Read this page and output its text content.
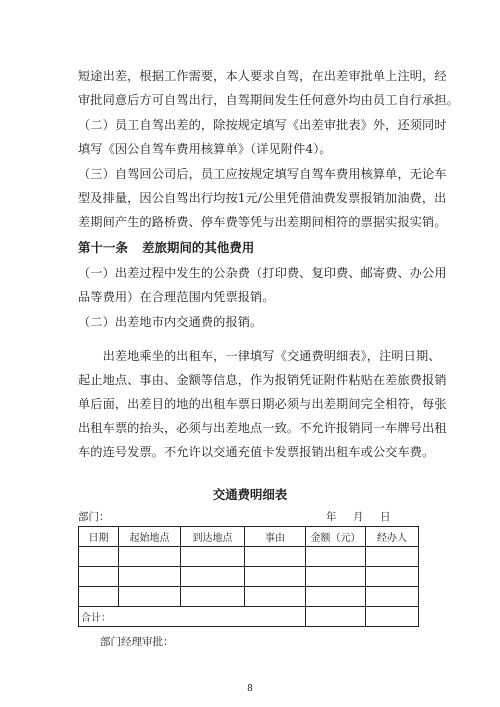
短途出差，根据工作需要，本人要求自驾，在出差审批单上注明，经
审批同意后方可自驾出行，自驾期间发生任何意外均由员工自行承担。
（二）员工自驾出差的，除按规定填写《出差审批表》外，还须同时
填写《因公自驾车费用核算单》（详见附件4）。
（三）自驾回公司后，员工应按规定填写自驾车费用核算单，无论车
型及排量，因公自驾出行均按1元/公里凭借油费发票报销加油费，出
差期间产生的路桥费、停车费等凭与出差期间相符的票据实报实销。
第十一条 差旅期间的其他费用
（一）出差过程中发生的公杂费（打印费、复印费、邮寄费、办公用
品等费用）在合理范围内凭票报销。
（二）出差地市内交通费的报销。
　　出差地乘坐的出租车，一律填写《交通费明细表》，注明日期、
起止地点、事由、金额等信息，作为报销凭证附件粘贴在差旅费报销
单后面，出差目的地的出租车票日期必须与出差期间完全相符，每张
出租车票的抬头，必须与出差地点一致。不允许报销同一车牌号出租
车的连号发票。不允许以交通充值卡发票报销出租车或公交车费。
交通费明细表
部门：	年 月 日
日期	起始地点	到达地点	事由	金额（元）	经办人

合计：					
部门经理审批：
8
